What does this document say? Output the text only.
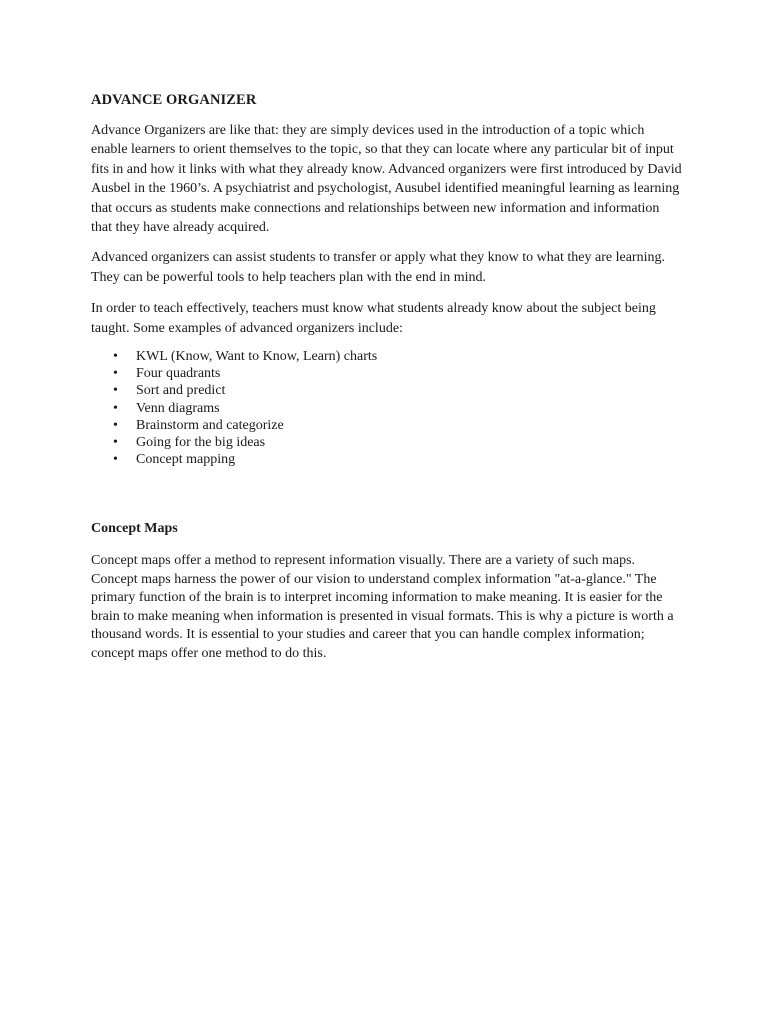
ADVANCE ORGANIZER

Advance Organizers are like that: they are simply devices used in the introduction of a topic which enable learners to orient themselves to the topic, so that they can locate where any particular bit of input fits in and how it links with what they already know. Advanced organizers were first introduced by David Ausbel in the 1960’s. A psychiatrist and psychologist, Ausubel identified meaningful learning as learning that occurs as students make connections and relationships between new information and information that they have already acquired.

Advanced organizers can assist students to transfer or apply what they know to what they are learning. They can be powerful tools to help teachers plan with the end in mind.

In order to teach effectively, teachers must know what students already know about the subject being taught. Some examples of advanced organizers include:

• KWL (Know, Want to Know, Learn) charts
• Four quadrants
• Sort and predict
• Venn diagrams
• Brainstorm and categorize
• Going for the big ideas
• Concept mapping
Concept Maps

Concept maps offer a method to represent information visually. There are a variety of such maps. Concept maps harness the power of our vision to understand complex information "at-a-glance." The primary function of the brain is to interpret incoming information to make meaning. It is easier for the brain to make meaning when information is presented in visual formats. This is why a picture is worth a thousand words. It is essential to your studies and career that you can handle complex information; concept maps offer one method to do this.
